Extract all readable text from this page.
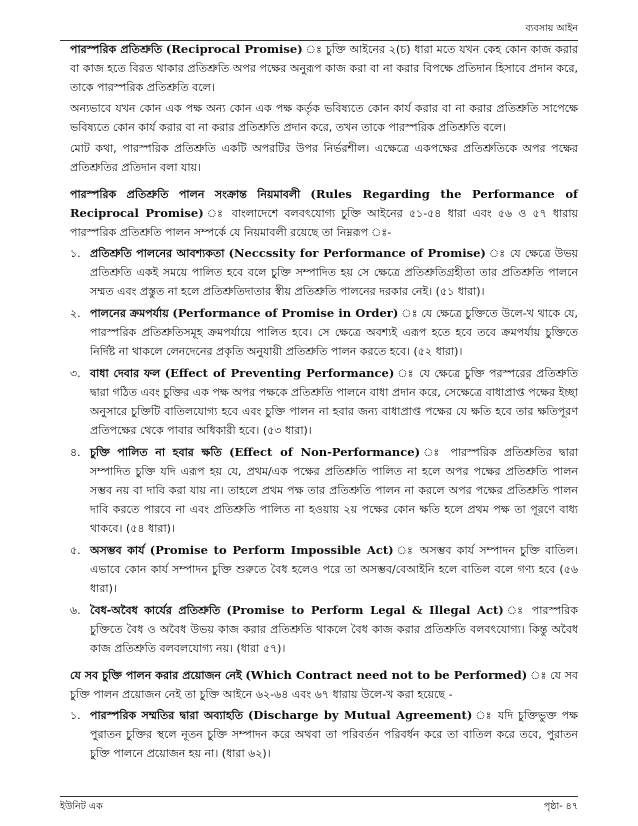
ব্যবসায় আইন

পারস্পরিক প্রতিশ্রুতি (Reciprocal Promise) ঃ চুক্তি আইনের ২(চ) ধারা মতে যখন কেহ কোন কাজ করার বা কাজ হতে বিরত থাকার প্রতিশ্রুতি অপর পক্ষের অনুরূপ কাজ করা বা না করার বিপক্ষে প্রতিদান হিসাবে প্রদান করে, তাকে পারস্পরিক প্রতিশ্রুতি বলে।

অন্যভাবে যখন কোন এক পক্ষ অন্য কোন এক পক্ষ কর্তৃক ভবিষ্যতে কোন কার্য করার বা না করার প্রতিশ্রুতি সাপেক্ষে ভবিষ্যতে কোন কার্য করার বা না করার প্রতিশ্রুতি প্রদান করে, তখন তাকে পারস্পরিক প্রতিশ্রুতি বলে।

মোট কথা, পারস্পরিক প্রতিশ্রুতি একটি অপরটির উপর নির্ভরশীল। এক্ষেত্রে একপক্ষের প্রতিশ্রুতিকে অপর পক্ষের প্রতিশ্রুতির প্রতিদান বলা যায়।

পারস্পরিক প্রতিশ্রুতি পালন সংক্রান্ত নিয়মাবলী (Rules Regarding the Performance of Reciprocal Promise) ঃ বাংলাদেশে বলবৎযোগ্য চুক্তি আইনের ৫১-৫৪ ধারা এবং ৫৬ ও ৫৭ ধারায় পারস্পরিক প্রতিশ্রুতি পালন সম্পর্কে যে নিয়মাবলী রয়েছে তা নিম্নরূপ ঃ-

১. প্রতিশ্রুতি পালনের আবশ্যকতা (Neccssity for Performance of Promise) ঃ যে ক্ষেত্রে উভয় প্রতিশ্রুতি একই সময়ে পালিত হবে বলে চুক্তি সম্পাদিত হয় সে ক্ষেত্রে প্রতিশ্রুতিগ্রহীতা তার প্রতিশ্রুতি পালনে সম্মত এবং প্রস্তুত না হলে প্রতিশ্রুতিদাতার স্বীয় প্রতিশ্রুতি পালনের দরকার নেই। (৫১ ধারা)।
২. পালনের ক্রমপর্যায় (Performance of Promise in Order) ঃ যে ক্ষেত্রে চুক্তিতে উলে-খ থাকে যে, পারস্পরিক প্রতিশ্রুতিসমূহ ক্রমপর্যায়ে পালিত হবে। সে ক্ষেত্রে অবশ্যই এরূপ হতে হবে তবে ক্রমপর্যায় চুক্তিতে নির্দিষ্ট না থাকলে লেনদেনের প্রকৃতি অনুযায়ী প্রতিশ্রুতি পালন করতে হবে। (৫২ ধারা)।
৩. বাধা দেবার ফল (Effect of Preventing Performance) ঃ যে ক্ষেত্রে চুক্তি পরস্পরের প্রতিশ্রুতি দ্বারা গঠিত এবং চুক্তির এক পক্ষ অপর পক্ষকে প্রতিশ্রুতি পালনে বাধা প্রদান করে, সেক্ষেত্রে বাধাপ্রাপ্ত পক্ষের ইচ্ছা অনুসারে চুক্তিটি বাতিলযোগ্য হবে এবং চুক্তি পালন না হবার জন্য বাধাপ্রাপ্ত পক্ষের যে ক্ষতি হবে তার ক্ষতিপূরণ প্রতিপক্ষের থেকে পাবার অধিকারী হবে। (৫৩ ধারা)।
৪. চুক্তি পালিত না হবার ক্ষতি (Effect of Non-Performance) ঃ পারস্পরিক প্রতিশ্রুতির দ্বারা সম্পাদিত চুক্তি যদি এরূপ হয় যে, প্রথম/এক পক্ষের প্রতিশ্রুতি পালিত না হলে অপর পক্ষের প্রতিশ্রুতি পালন সম্ভব নয় বা দাবি করা যায় না। তাহলে প্রথম পক্ষ তার প্রতিশ্রুতি পালন না করলে অপর পক্ষের প্রতিশ্রুতি পালন দাবি করতে পারবে না এবং প্রতিশ্রুতি পালিত না হওয়ায় ২য় পক্ষের কোন ক্ষতি হলে প্রথম পক্ষ তা পূরণে বাধ্য থাকবে। (৫৪ ধারা)।
৫. অসম্ভব কার্য (Promise to Perform Impossible Act) ঃ অসম্ভব কার্য সম্পাদন চুক্তি বাতিল। এভাবে কোন কার্য সম্পাদন চুক্তি শুরুতে বৈধ হলেও পরে তা অসম্ভব/বেআইনি হলে বাতিল বলে গণ্য হবে (৫৬ ধারা)।
৬. বৈধ-অবৈধ কার্যের প্রতিশ্রুতি (Promise to Perform Legal & Illegal Act) ঃ পারস্পরিক চুক্তিতে বৈধ ও অবৈধ উভয় কাজ করার প্রতিশ্রুতি থাকলে বৈধ কাজ করার প্রতিশ্রুতি বলবৎযোগ্য। কিন্তু অবৈধ কাজ প্রতিশ্রুতি বলবলযোগ্য নয়। (ধারা ৫৭)।

যে সব চুক্তি পালন করার প্রয়োজন নেই (Which Contract need not to be Performed) ঃ যে সব চুক্তি পালন প্রয়োজন নেই তা চুক্তি আইনে ৬২-৬৪ এবং ৬৭ ধারায় উলে-খ করা হয়েছে -

১. পারস্পরিক সম্মতির দ্বারা অব্যাহতি (Discharge by Mutual Agreement) ঃ যদি চুক্তিভুক্ত পক্ষ পুরাতন চুক্তির স্থলে নূতন চুক্তি সম্পাদন করে অথবা তা পরিবর্তন পরিবর্ধন করে তা বাতিল করে তবে, পুরাতন চুক্তি পালনে প্রয়োজন হয় না। (ধারা ৬২)।
ইউনিট এক	পৃষ্ঠা- ৪৭
